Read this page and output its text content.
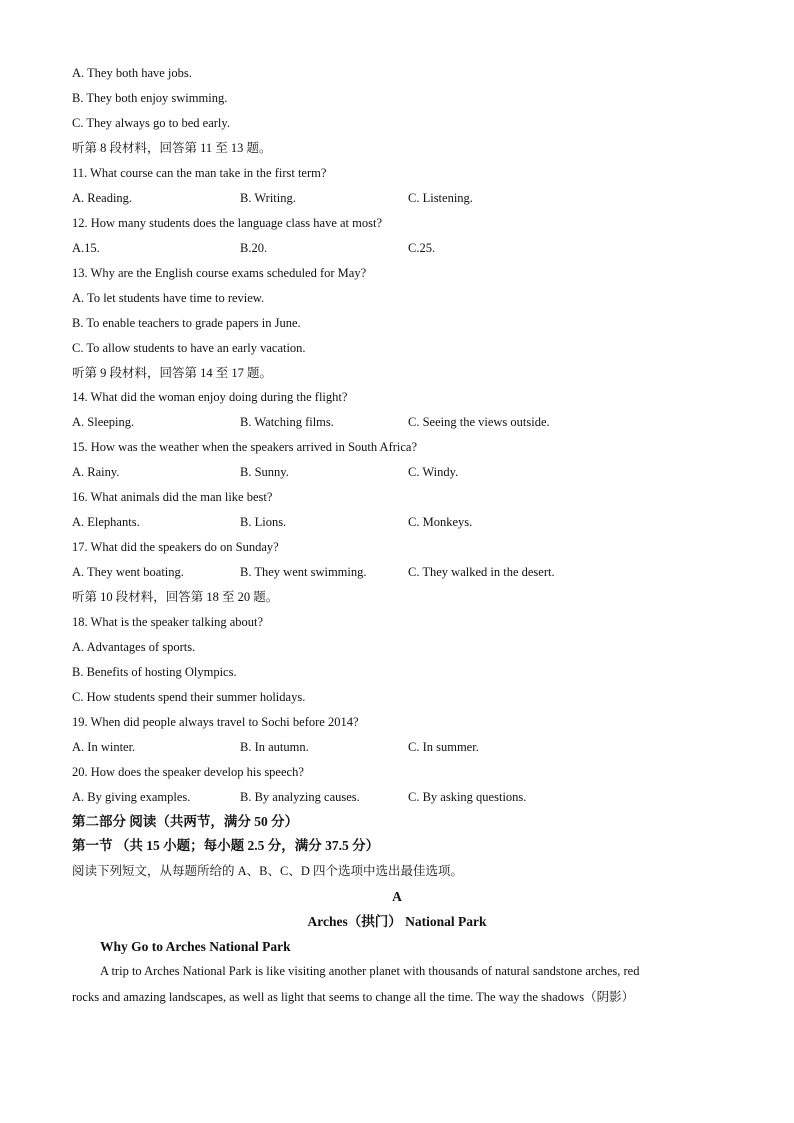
A. They both have jobs.
B. They both enjoy swimming.
C. They always go to bed early.
听第 8 段材料，回答第 11 至 13 题。
11. What course can the man take in the first term?
A. Reading.	B. Writing.	C. Listening.
12. How many students does the language class have at most?
A.15.	B.20.	C.25.
13. Why are the English course exams scheduled for May?
A. To let students have time to review.
B. To enable teachers to grade papers in June.
C. To allow students to have an early vacation.
听第 9 段材料，回答第 14 至 17 题。
14. What did the woman enjoy doing during the flight?
A. Sleeping.	B. Watching films.	C. Seeing the views outside.
15. How was the weather when the speakers arrived in South Africa?
A. Rainy.	B. Sunny.	C. Windy.
16. What animals did the man like best?
A. Elephants.	B. Lions.	C. Monkeys.
17. What did the speakers do on Sunday?
A. They went boating.	B. They went swimming.	C. They walked in the desert.
听第 10 段材料，回答第 18 至 20 题。
18. What is the speaker talking about?
A. Advantages of sports.
B. Benefits of hosting Olympics.
C. How students spend their summer holidays.
19. When did people always travel to Sochi before 2014?
A. In winter.	B. In autumn.	C. In summer.
20. How does the speaker develop his speech?
A. By giving examples.	B. By analyzing causes.	C. By asking questions.
第二部分 阅读（共两节，满分 50 分）
第一节 （共 15 小题；每小题 2.5 分，满分 37.5 分）
阅读下列短文，从每题所给的 A、B、C、D 四个选项中选出最佳选项。
A
Arches（拱门） National Park
Why Go to Arches National Park
A trip to Arches National Park is like visiting another planet with thousands of natural sandstone arches, red
rocks and amazing landscapes, as well as light that seems to change all the time. The way the shadows（阴影）
